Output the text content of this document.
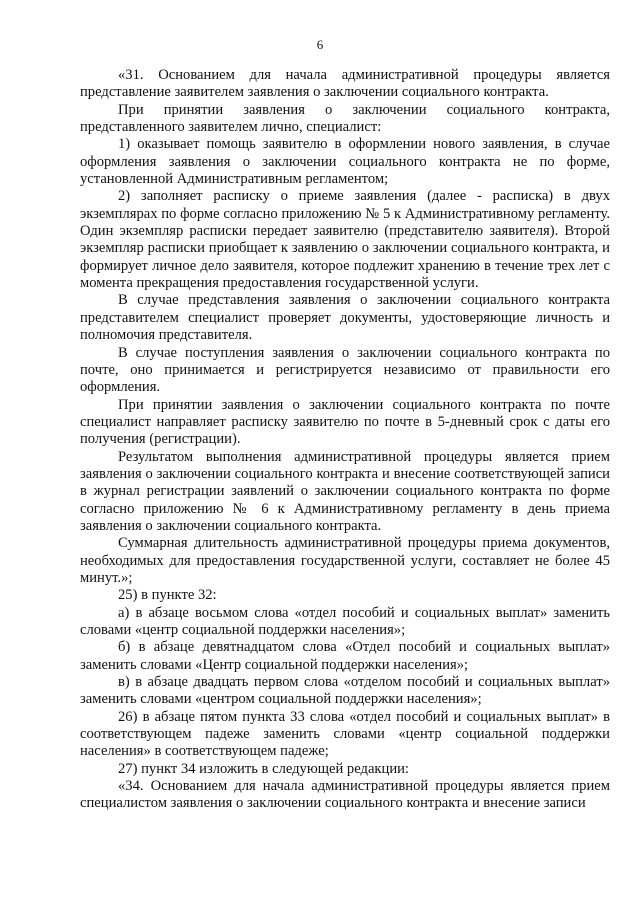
6

«31. Основанием для начала административной процедуры является представление заявителем заявления о заключении социального контракта.

При принятии заявления о заключении социального контракта, представленного заявителем лично, специалист:

1) оказывает помощь заявителю в оформлении нового заявления, в случае оформления заявления о заключении социального контракта не по форме, установленной Административным регламентом;

2) заполняет расписку о приеме заявления (далее - расписка) в двух экземплярах по форме согласно приложению № 5 к Административному регламенту. Один экземпляр расписки передает заявителю (представителю заявителя). Второй экземпляр расписки приобщает к заявлению о заключении социального контракта, и формирует личное дело заявителя, которое подлежит хранению в течение трех лет с момента прекращения предоставления государственной услуги.

В случае представления заявления о заключении социального контракта представителем специалист проверяет документы, удостоверяющие личность и полномочия представителя.

В случае поступления заявления о заключении социального контракта по почте, оно принимается и регистрируется независимо от правильности его оформления.

При принятии заявления о заключении социального контракта по почте специалист направляет расписку заявителю по почте в 5-дневный срок с даты его получения (регистрации).

Результатом выполнения административной процедуры является прием заявления о заключении социального контракта и внесение соответствующей записи в журнал регистрации заявлений о заключении социального контракта по форме согласно приложению № 6 к Административному регламенту в день приема заявления о заключении социального контракта.

Суммарная длительность административной процедуры приема документов, необходимых для предоставления государственной услуги, составляет не более 45 минут.»;

25) в пункте 32:

а) в абзаце восьмом слова «отдел пособий и социальных выплат» заменить словами «центр социальной поддержки населения»;

б) в абзаце девятнадцатом слова «Отдел пособий и социальных выплат» заменить словами «Центр социальной поддержки населения»;

в) в абзаце двадцать первом слова «отделом пособий и социальных выплат» заменить словами «центром социальной поддержки населения»;

26) в абзаце пятом пункта 33 слова «отдел пособий и социальных выплат» в соответствующем падеже заменить словами «центр социальной поддержки населения» в соответствующем падеже;

27) пункт 34 изложить в следующей редакции:

«34. Основанием для начала административной процедуры является прием специалистом заявления о заключении социального контракта и внесение записи
